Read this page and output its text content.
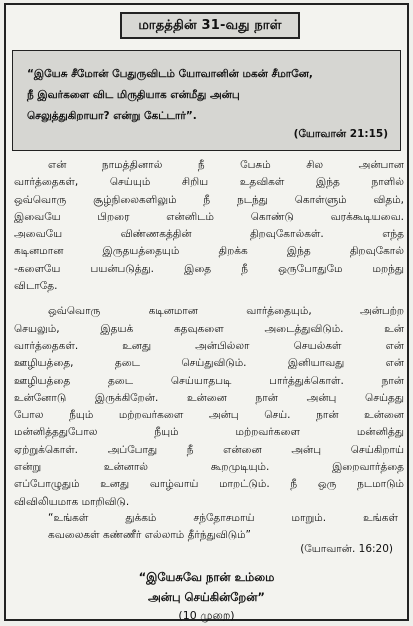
மாதத்தின் 31-வது நாள்
“இயேசு சீமோன் பேதுருவிடம் யோவானின் மகன் சீமானே,
நீ இவர்களை விட மிருதியாக என்மீது அன்பு
செலுத்துகிறாயா? என்று கேட்டார்”.
(யோவான் 21:15)
என் நாமத்தினால் நீ பேசும் சில அன்பான
வார்த்தைகள், செய்யும் சிறிய உதவிகள் இந்த நாளில்
ஒவ்வொரு சூழ்நிலைகளிலும் நீ நடந்து கொள்ளும் விதம்,
இவையே பிறரை என்னிடம் கொண்டு வரக்கூடியவை.
அவையே விண்ணகத்தின் திறவுகோல்கள். எந்த
கடினமான இருதயத்தையும் திறக்க இந்த திறவுகோல்
-களையே பயன்படுத்து. இதை நீ ஒருபோதுமே மறந்து
விடாதே.
ஒவ்வொரு கடினமான வார்த்தையும், அன்பற்ற
செயலும், இதயக் கதவுகளை அடைத்துவிடும். உன்
வார்த்தைகள். உனது அன்பில்லா செயல்கள் என்
ஊழியத்தை, தடை செய்துவிடும். இனியாவது என்
ஊழியத்தை தடை செய்யாதபடி பார்த்துக்கொள். நான்
உன்னோடு இருக்கிறேன். உன்னை நான் அன்பு செய்தது
போல நீயும் மற்றவர்களை அன்பு செய். நான் உன்னை
மன்னித்ததுபோல நீயும் மற்றவர்களை மன்னித்து
ஏற்றுக்கொள். அப்போது நீ என்னை அன்பு செய்கிறாய்
என்று உன்னால் கூறமுடியும். இறைவார்த்தை
எப்போழுதும் உனது வாழ்வாய் மாறட்டும். நீ ஒரு நடமாடும்
விவிலியமாக மாறிவிடு.
“உங்கள் துக்கம் சந்தோசமாய் மாறும். உங்கள்
கவலைகள் கண்ணீர் எல்லாம் தீர்ந்துவிடும்”
(யோவான். 16:20)
“இயேசுவே நான் உம்மை
அன்பு செய்கின்றேன்”
(10 முறை)
